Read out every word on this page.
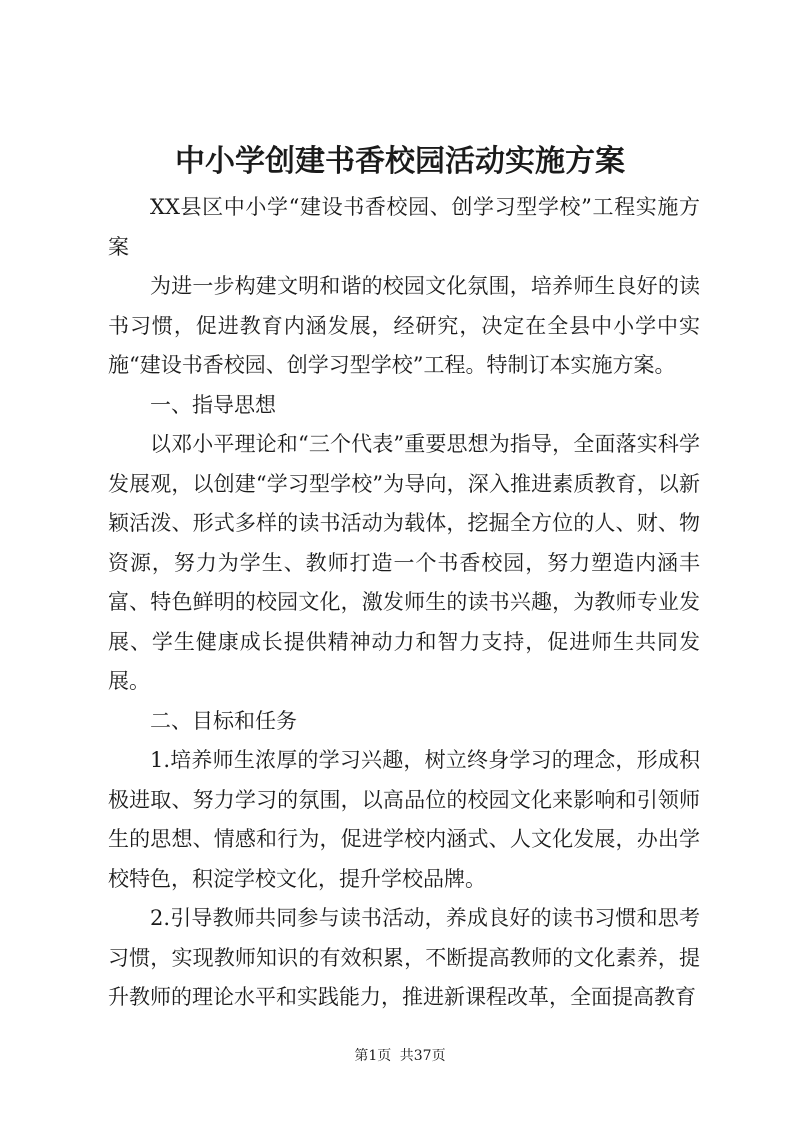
中小学创建书香校园活动实施方案

XX县区中小学“建设书香校园、创学习型学校”工程实施方案

为进一步构建文明和谐的校园文化氛围，培养师生良好的读书习惯，促进教育内涵发展，经研究，决定在全县中小学中实施“建设书香校园、创学习型学校”工程。特制订本实施方案。

一、指导思想

以邓小平理论和“三个代表”重要思想为指导，全面落实科学发展观，以创建“学习型学校”为导向，深入推进素质教育，以新颖活泼、形式多样的读书活动为载体，挖掘全方位的人、财、物资源，努力为学生、教师打造一个书香校园，努力塑造内涵丰富、特色鲜明的校园文化，激发师生的读书兴趣，为教师专业发展、学生健康成长提供精神动力和智力支持，促进师生共同发展。

二、目标和任务

1.培养师生浓厚的学习兴趣，树立终身学习的理念，形成积极进取、努力学习的氛围，以高品位的校园文化来影响和引领师生的思想、情感和行为，促进学校内涵式、人文化发展，办出学校特色，积淀学校文化，提升学校品牌。

2.引导教师共同参与读书活动，养成良好的读书习惯和思考习惯，实现教师知识的有效积累，不断提高教师的文化素养，提升教师的理论水平和实践能力，推进新课程改革，全面提高教育

第1页 共37页
